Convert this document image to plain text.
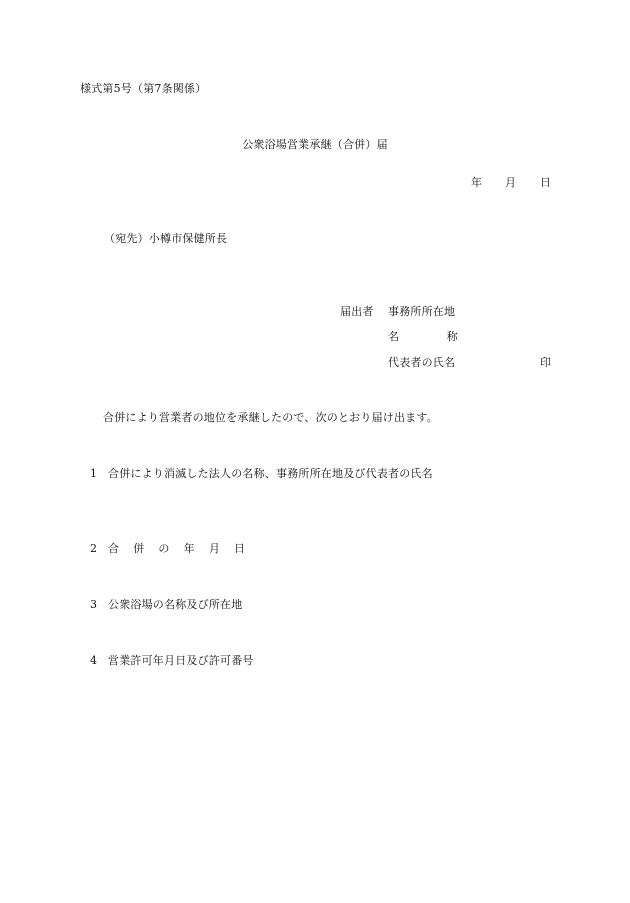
様式第5号（第7条関係）
公衆浴場営業承継（合併）届
年 月 日
（宛先）小樽市保健所長
届出者 事務所所在地
名	称
代表者の氏名	印
合併により営業者の地位を承継したので、次のとおり届け出ます。
1 合併により消滅した法人の名称、事務所所在地及び代表者の氏名
2 合 併 の 年 月 日
3 公衆浴場の名称及び所在地
4 営業許可年月日及び許可番号
